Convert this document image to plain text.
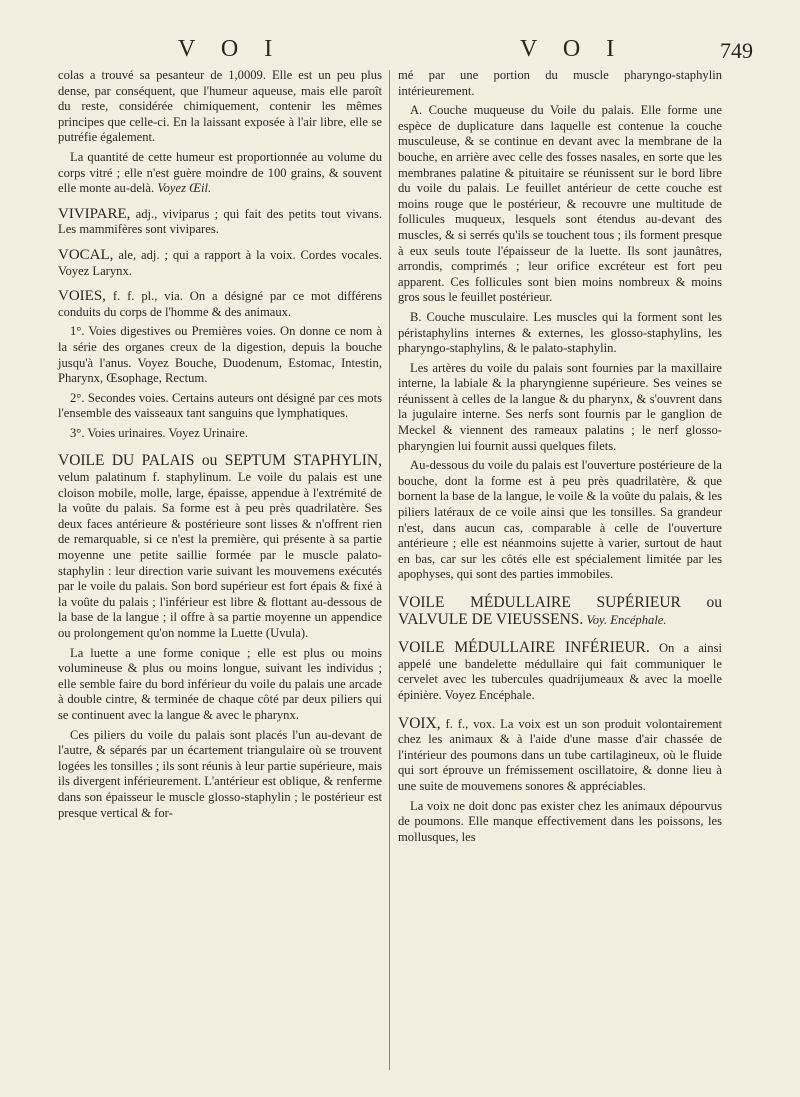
V O I	V O I	749

colas a trouvé sa pesanteur de 1,0009. Elle est un peu plus dense, par conséquent, que l'humeur aqueuse, mais elle paroît du reste, considérée chimiquement, contenir les mêmes principes que celle-ci. En la laissant exposée à l'air libre, elle se putréfie également.

La quantité de cette humeur est proportionnée au volume du corps vitré ; elle n'est guère moindre de 100 grains, & souvent elle monte au-delà. Voyez Œil.

VIVIPARE, adj., viviparus ; qui fait des petits tout vivans. Les mammifères sont vivipares.

VOCAL, ale, adj. ; qui a rapport à la voix. Cordes vocales. Voyez Larynx.

VOIES, f. f. pl., via. On a désigné par ce mot différens conduits du corps de l'homme & des animaux.

1°. Voies digestives ou Premières voies. On donne ce nom à la série des organes creux de la digestion, depuis la bouche jusqu'à l'anus. Voyez Bouche, Duodenum, Estomac, Intestin, Pharynx, Œsophage, Rectum.

2°. Secondes voies. Certains auteurs ont désigné par ces mots l'ensemble des vaisseaux tant sanguins que lymphatiques.

3°. Voies urinaires. Voyez Urinaire.

VOILE DU PALAIS ou SEPTUM STAPHYLIN, velum palatinum f. staphylinum. Le voile du palais est une cloison mobile, molle, large, épaisse, appendue à l'extrémité de la voûte du palais. Sa forme est à peu près quadrilatère. Ses deux faces antérieure & postérieure sont lisses & n'offrent rien de remarquable, si ce n'est la première, qui présente à sa partie moyenne une petite saillie formée par le muscle palato-staphylin : leur direction varie suivant les mouvemens exécutés par le voile du palais. Son bord supérieur est fort épais & fixé à la voûte du palais ; l'inférieur est libre & flottant au-dessous de la base de la langue ; il offre à sa partie moyenne un appendice ou prolongement qu'on nomme la Luette (Uvula).

La luette a une forme conique ; elle est plus ou moins volumineuse & plus ou moins longue, suivant les individus ; elle semble faire du bord inférieur du voile du palais une arcade à double cintre, & terminée de chaque côté par deux piliers qui se continuent avec la langue & avec le pharynx.

Ces piliers du voile du palais sont placés l'un au-devant de l'autre, & séparés par un écartement triangulaire où se trouvent logées les tonsilles ; ils sont réunis à leur partie supérieure, mais ils divergent inférieurement. L'antérieur est oblique, & renferme dans son épaisseur le muscle glosso-staphylin ; le postérieur est presque vertical & for-

mé par une portion du muscle pharyngo-staphylin intérieurement.

A. Couche muqueuse du Voile du palais. Elle forme une espèce de duplicature dans laquelle est contenue la couche musculeuse, & se continue en devant avec la membrane de la bouche, en arrière avec celle des fosses nasales, en sorte que les membranes palatine & pituitaire se réunissent sur le bord libre du voile du palais. Le feuillet antérieur de cette couche est moins rouge que le postérieur, & recouvre une multitude de follicules muqueux, lesquels sont étendus au-devant des muscles, & si serrés qu'ils se touchent tous ; ils forment presque à eux seuls toute l'épaisseur de la luette. Ils sont jaunâtres, arrondis, comprimés ; leur orifice excréteur est fort peu apparent. Ces follicules sont bien moins nombreux & moins gros sous le feuillet postérieur.

B. Couche musculaire. Les muscles qui la forment sont les péristaphylins internes & externes, les glosso-staphylins, les pharyngo-staphylins, & le palato-staphylin.

Les artères du voile du palais sont fournies par la maxillaire interne, la labiale & la pharyngienne supérieure. Ses veines se réunissent à celles de la langue & du pharynx, & s'ouvrent dans la jugulaire interne. Ses nerfs sont fournis par le ganglion de Meckel & viennent des rameaux palatins ; le nerf glosso-pharyngien lui fournit aussi quelques filets.

Au-dessous du voile du palais est l'ouverture postérieure de la bouche, dont la forme est à peu près quadrilatère, & que bornent la base de la langue, le voile & la voûte du palais, & les piliers latéraux de ce voile ainsi que les tonsilles. Sa grandeur n'est, dans aucun cas, comparable à celle de l'ouverture antérieure ; elle est néanmoins sujette à varier, surtout de haut en bas, car sur les côtés elle est spécialement limitée par les apophyses, qui sont des parties immobiles.

VOILE MÉDULLAIRE SUPÉRIEUR ou VALVULE DE VIEUSSENS. Voy. Encéphale.

VOILE MÉDULLAIRE INFÉRIEUR. On a ainsi appelé une bandelette médullaire qui fait communiquer le cervelet avec les tubercules quadrijumeaux & avec la moelle épinière. Voyez Encéphale.

VOIX, f. f., vox. La voix est un son produit volontairement chez les animaux & à l'aide d'une masse d'air chassée de l'intérieur des poumons dans un tube cartilagineux, où le fluide qui sort éprouve un frémissement oscillatoire, & donne lieu à une suite de mouvemens sonores & appréciables.

La voix ne doit donc pas exister chez les animaux dépourvus de poumons. Elle manque effectivement dans les poissons, les mollusques, les
